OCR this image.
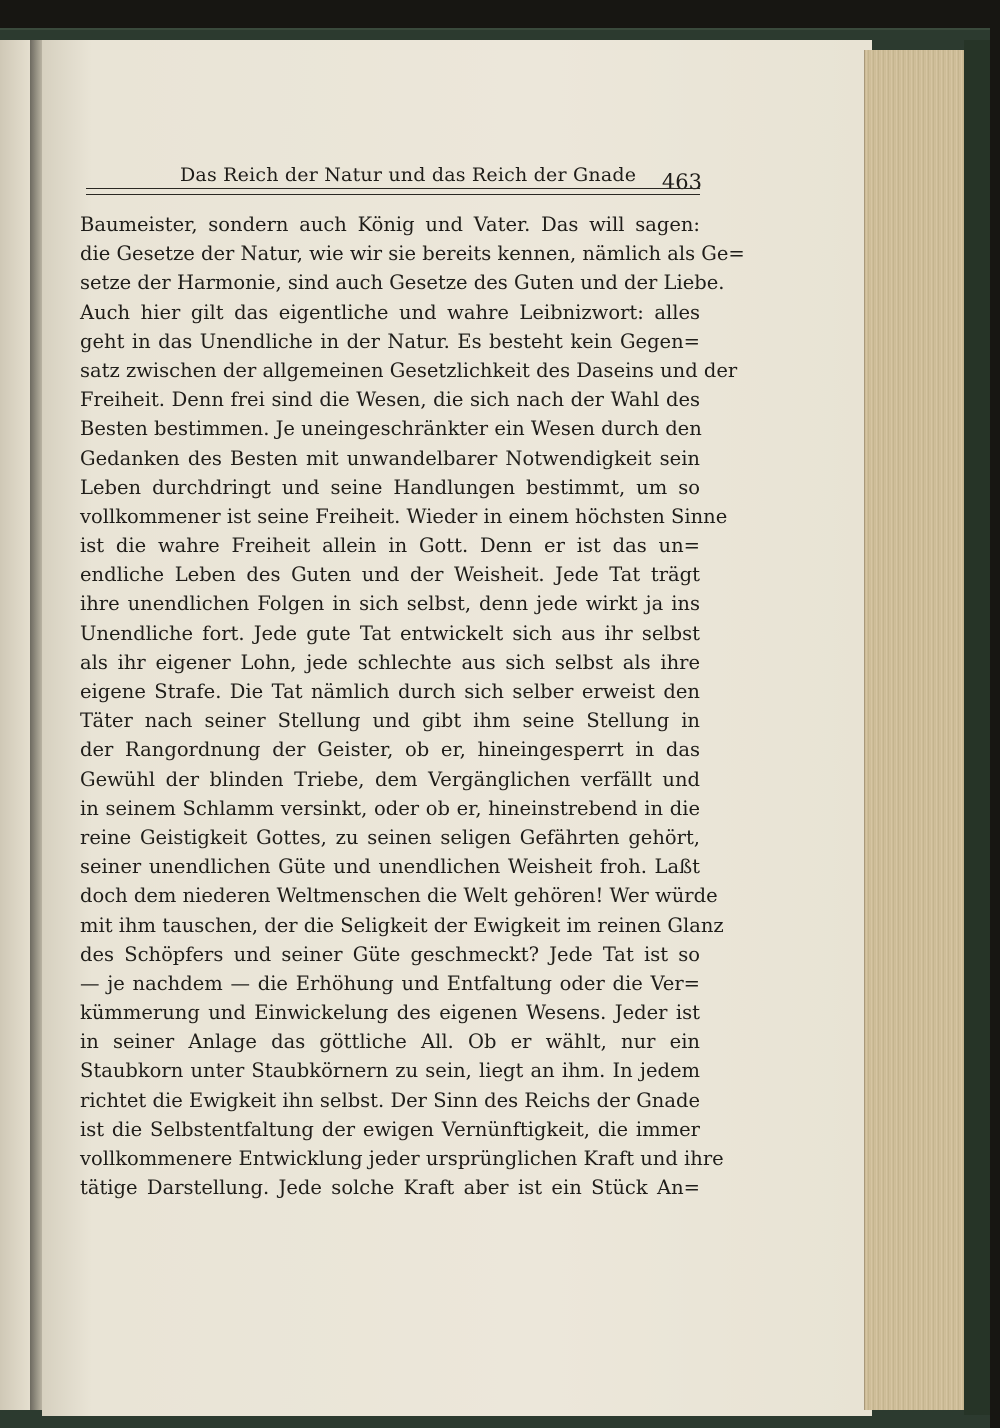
Das Reich der Natur und das Reich der Gnade 463
Baumeister, sondern auch König und Vater. Das will sagen:
die Gesetze der Natur, wie wir sie bereits kennen, nämlich als Ge=
setze der Harmonie, sind auch Gesetze des Guten und der Liebe.
Auch hier gilt das eigentliche und wahre Leibnizwort: alles
geht in das Unendliche in der Natur. Es besteht kein Gegen=
satz zwischen der allgemeinen Gesetzlichkeit des Daseins und der
Freiheit. Denn frei sind die Wesen, die sich nach der Wahl des
Besten bestimmen. Je uneingeschränkter ein Wesen durch den
Gedanken des Besten mit unwandelbarer Notwendigkeit sein
Leben durchdringt und seine Handlungen bestimmt, um so
vollkommener ist seine Freiheit. Wieder in einem höchsten Sinne
ist die wahre Freiheit allein in Gott. Denn er ist das un=
endliche Leben des Guten und der Weisheit. Jede Tat trägt
ihre unendlichen Folgen in sich selbst, denn jede wirkt ja ins
Unendliche fort. Jede gute Tat entwickelt sich aus ihr selbst
als ihr eigener Lohn, jede schlechte aus sich selbst als ihre
eigene Strafe. Die Tat nämlich durch sich selber erweist den
Täter nach seiner Stellung und gibt ihm seine Stellung in
der Rangordnung der Geister, ob er, hineingesperrt in das
Gewühl der blinden Triebe, dem Vergänglichen verfällt und
in seinem Schlamm versinkt, oder ob er, hineinstrebend in die
reine Geistigkeit Gottes, zu seinen seligen Gefährten gehört,
seiner unendlichen Güte und unendlichen Weisheit froh. Laßt
doch dem niederen Weltmenschen die Welt gehören! Wer würde
mit ihm tauschen, der die Seligkeit der Ewigkeit im reinen Glanz
des Schöpfers und seiner Güte geschmeckt? Jede Tat ist so
— je nachdem — die Erhöhung und Entfaltung oder die Ver=
kümmerung und Einwickelung des eigenen Wesens. Jeder ist
in seiner Anlage das göttliche All. Ob er wählt, nur ein
Staubkorn unter Staubkörnern zu sein, liegt an ihm. In jedem
richtet die Ewigkeit ihn selbst. Der Sinn des Reichs der Gnade
ist die Selbstentfaltung der ewigen Vernünftigkeit, die immer
vollkommenere Entwicklung jeder ursprünglichen Kraft und ihre
tätige Darstellung. Jede solche Kraft aber ist ein Stück An=
